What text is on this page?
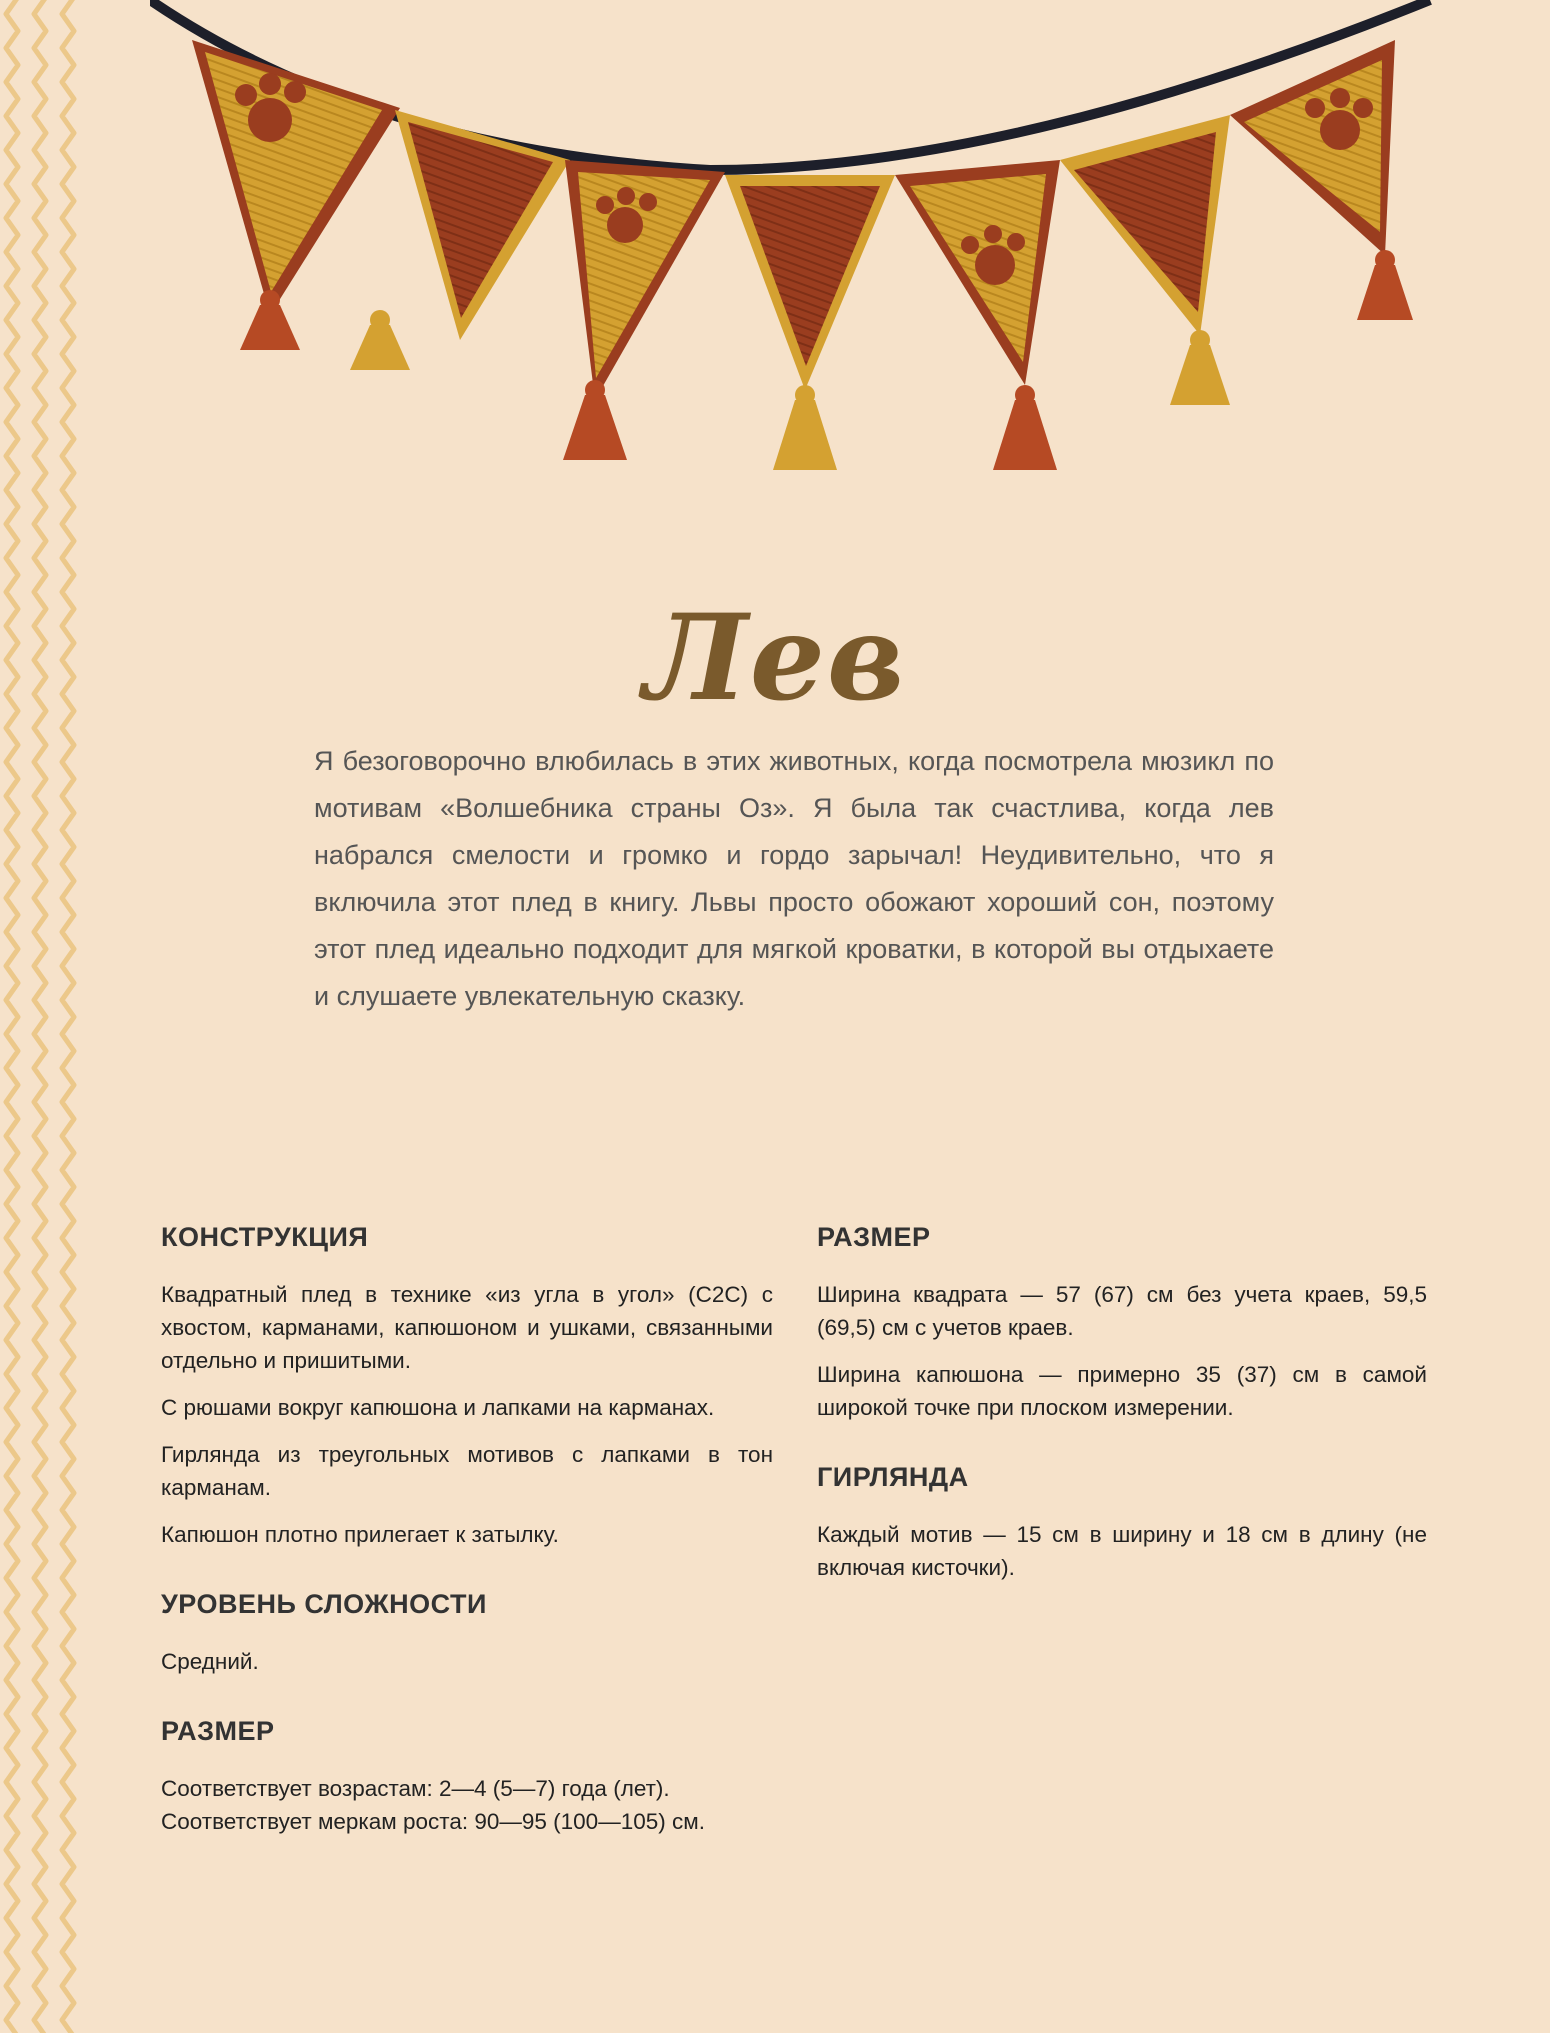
Лев

Я безоговорочно влюбилась в этих животных, когда посмотрела мюзикл по мотивам «Волшебника страны Оз». Я была так счастлива, когда лев набрался смелости и громко и гордо зарычал! Неудивительно, что я включила этот плед в книгу. Львы просто обожают хороший сон, поэтому этот плед идеально подходит для мягкой кроватки, в которой вы отдыхаете и слушаете увлекательную сказку.

КОНСТРУКЦИЯ

Квадратный плед в технике «из угла в угол» (C2C) с хвостом, карманами, капюшоном и ушками, связанными отдельно и пришитыми.

С рюшами вокруг капюшона и лапками на карманах.

Гирлянда из треугольных мотивов с лапками в тон карманам.

Капюшон плотно прилегает к затылку.

УРОВЕНЬ СЛОЖНОСТИ

Средний.

РАЗМЕР

Соответствует возрастам: 2—4 (5—7) года (лет).

Соответствует меркам роста: 90—95 (100—105) см.

РАЗМЕР

Ширина квадрата — 57 (67) см без учета краев, 59,5 (69,5) см с учетов краев.

Ширина капюшона — примерно 35 (37) см в самой широкой точке при плоском измерении.

ГИРЛЯНДА

Каждый мотив — 15 см в ширину и 18 см в длину (не включая кисточки).
